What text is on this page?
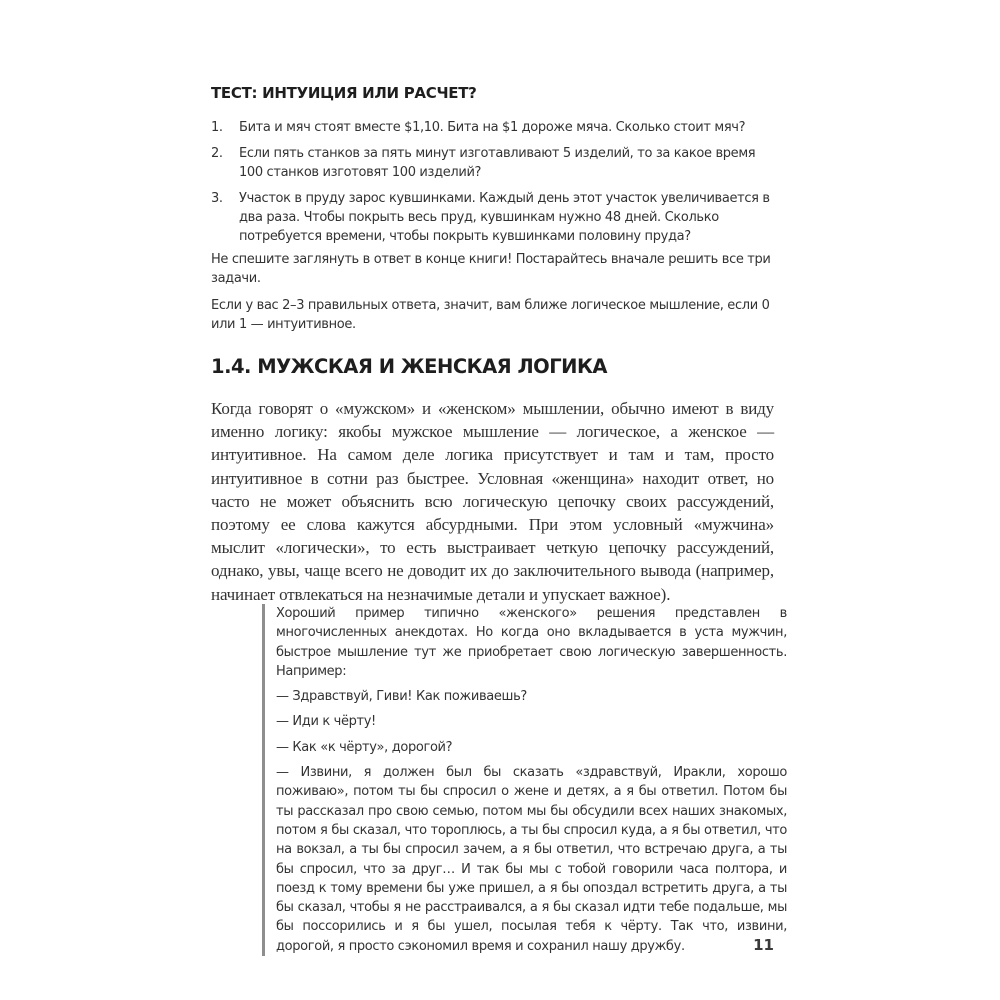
ТЕСТ: ИНТУИЦИЯ ИЛИ РАСЧЕТ?
1. Бита и мяч стоят вместе $1,10. Бита на $1 дороже мяча. Сколько стоит мяч?
2. Если пять станков за пять минут изготавливают 5 изделий, то за какое время 100 станков изготовят 100 изделий?
3. Участок в пруду зарос кувшинками. Каждый день этот участок увеличивается в два раза. Чтобы покрыть весь пруд, кувшинкам нужно 48 дней. Сколько потребуется времени, чтобы покрыть кувшинками половину пруда?
Не спешите заглянуть в ответ в конце книги! Постарайтесь вначале решить все три задачи.
Если у вас 2–3 правильных ответа, значит, вам ближе логическое мышление, если 0 или 1 — интуитивное.
1.4. МУЖСКАЯ И ЖЕНСКАЯ ЛОГИКА
Когда говорят о «мужском» и «женском» мышлении, обычно имеют в виду именно логику: якобы мужское мышление — логическое, а женское — интуитивное. На самом деле логика присутствует и там и там, просто интуитивное в сотни раз быстрее. Условная «женщина» находит ответ, но часто не может объяснить всю логическую цепочку своих рассуждений, поэтому ее слова кажутся абсурдными. При этом условный «мужчина» мыслит «логически», то есть выстраивает четкую цепочку рассуждений, однако, увы, чаще всего не доводит их до заключительного вывода (например, начинает отвлекаться на незначимые детали и упускает важное).

Хороший пример типично «женского» решения представлен в многочисленных анекдотах. Но когда оно вкладывается в уста мужчин, быстрое мышление тут же приобретает свою логическую завершенность. Например:

— Здравствуй, Гиви! Как поживаешь?

— Иди к чёрту!

— Как «к чёрту», дорогой?

— Извини, я должен был бы сказать «здравствуй, Иракли, хорошо поживаю», потом ты бы спросил о жене и детях, а я бы ответил. Потом бы ты рассказал про свою семью, потом мы бы обсудили всех наших знакомых, потом я бы сказал, что тороплюсь, а ты бы спросил куда, а я бы ответил, что на вокзал, а ты бы спросил зачем, а я бы ответил, что встречаю друга, а ты бы спросил, что за друг… И так бы мы с тобой говорили часа полтора, и поезд к тому времени бы уже пришел, а я бы опоздал встретить друга, а ты бы сказал, чтобы я не расстраивался, а я бы сказал идти тебе подальше, мы бы поссорились и я бы ушел, посылая тебя к чёрту. Так что, извини, дорогой, я просто сэкономил время и сохранил нашу дружбу.	11
